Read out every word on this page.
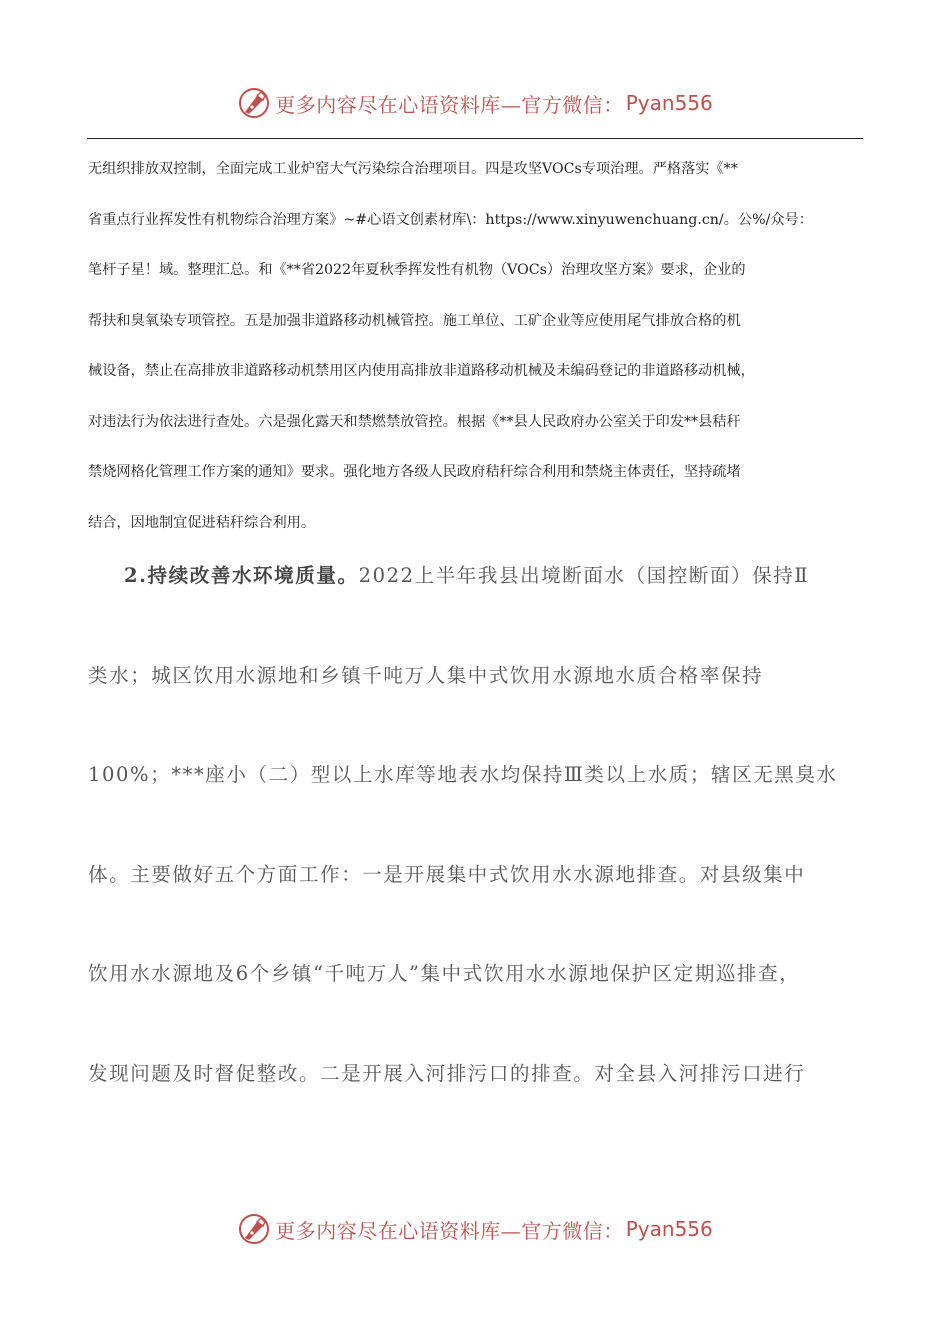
更多内容尽在心语资料库—官方微信： Pyan556
无组织排放双控制，全面完成工业炉窑大气污染综合治理项目。四是攻坚VOCs专项治理。严格落实《**
省重点行业挥发性有机物综合治理方案》~#心语文创素材库\：https://www.xinyuwenchuang.cn/。公%/众号：
笔杆子星！域。整理汇总。和《**省2022年夏秋季挥发性有机物（VOCs）治理攻坚方案》要求，企业的
帮扶和臭氧染专项管控。五是加强非道路移动机械管控。施工单位、工矿企业等应使用尾气排放合格的机
械设备，禁止在高排放非道路移动机禁用区内使用高排放非道路移动机械及未编码登记的非道路移动机械，
对违法行为依法进行查处。六是强化露天和禁燃禁放管控。根据《**县人民政府办公室关于印发**县秸秆
禁烧网格化管理工作方案的通知》要求。强化地方各级人民政府秸秆综合利用和禁烧主体责任，坚持疏堵
结合，因地制宜促进秸秆综合利用。
2.持续改善水环境质量。2022上半年我县出境断面水（国控断面）保持Ⅱ
类水；城区饮用水源地和乡镇千吨万人集中式饮用水源地水质合格率保持
100%；***座小（二）型以上水库等地表水均保持Ⅲ类以上水质；辖区无黑臭水
体。主要做好五个方面工作：一是开展集中式饮用水水源地排查。对县级集中
饮用水水源地及6个乡镇“千吨万人”集中式饮用水水源地保护区定期巡排查，
发现问题及时督促整改。二是开展入河排污口的排查。对全县入河排污口进行
更多内容尽在心语资料库—官方微信： Pyan556
